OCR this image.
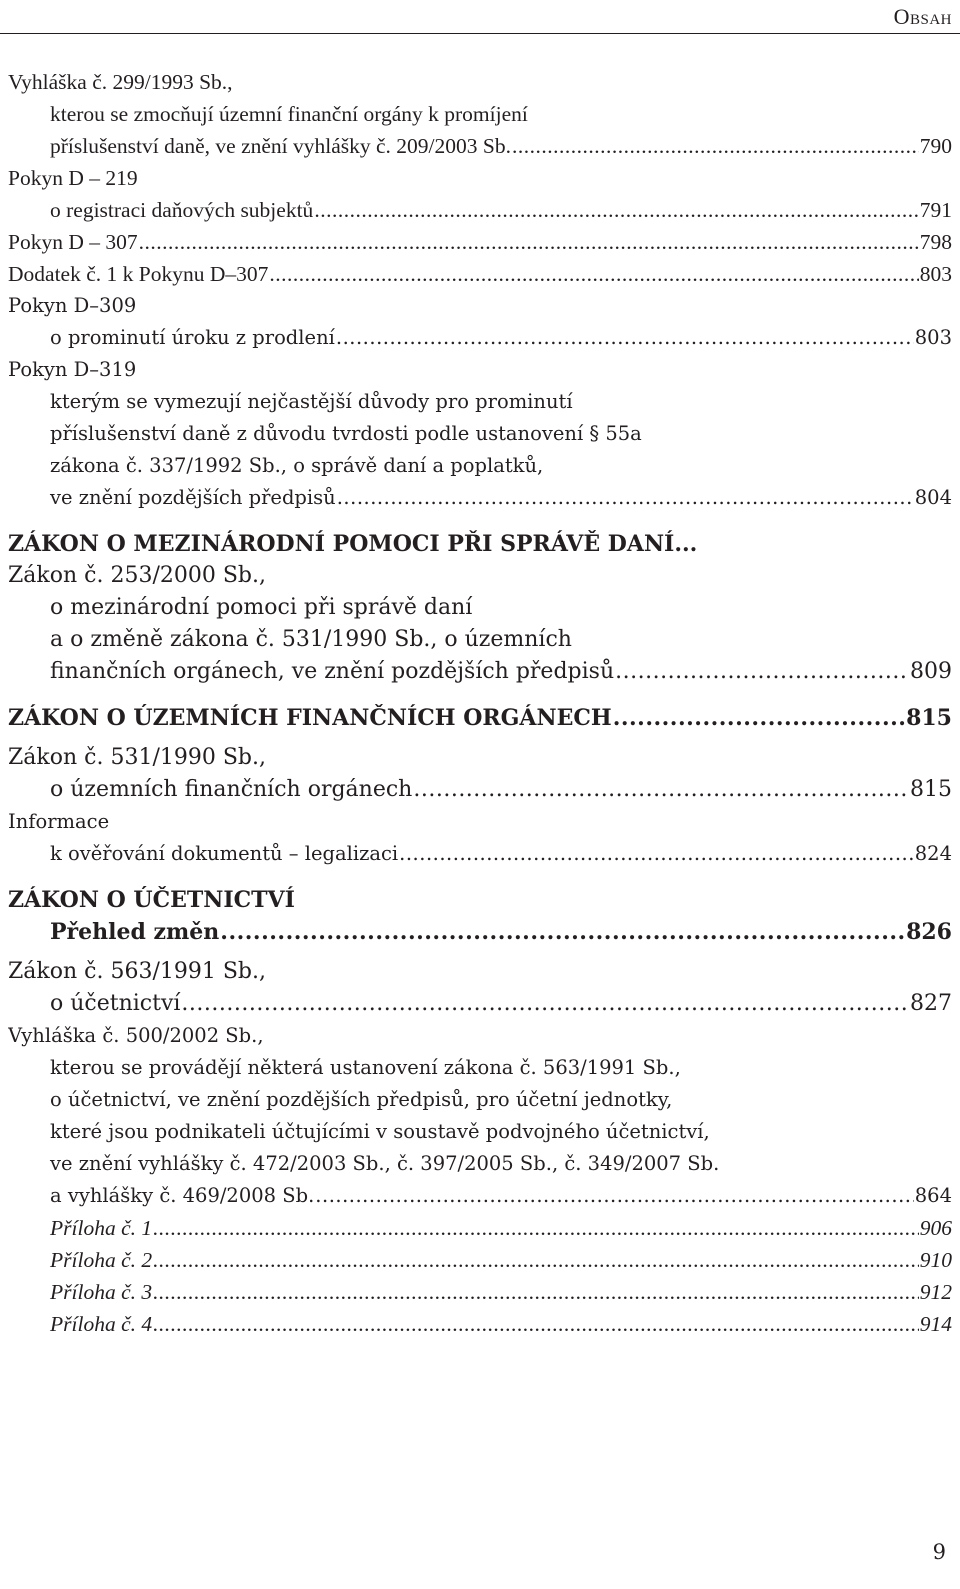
Obsah
Vyhláška č. 299/1993 Sb.,
kterou se zmocňují územní finanční orgány k promíjení
příslušenství daně, ve znění vyhlášky č. 209/2003 Sb. .....	790
Pokyn D – 219
o registraci daňových subjektů .....	791
Pokyn D – 307 .....	798
Dodatek č. 1 k Pokynu D–307 .....	803
Pokyn D–309
o prominutí úroku z prodlení .....	803
Pokyn D–319
kterým se vymezují nejčastější důvody pro prominutí
příslušenství daně z důvodu tvrdosti podle ustanovení § 55a
zákona č. 337/1992 Sb., o správě daní a poplatků,
ve znění pozdějších předpisů .....	804
ZÁKON O MEZINÁRODNÍ POMOCI PŘI SPRÁVĚ DANÍ...
Zákon č. 253/2000 Sb.,
o mezinárodní pomoci při správě daní
a o změně zákona č. 531/1990 Sb., o územních
finančních orgánech, ve znění pozdějších předpisů .....	809
ZÁKON O ÚZEMNÍCH FINANČNÍCH ORGÁNECH .....	815
Zákon č. 531/1990 Sb.,
o územních finančních orgánech .....	815
Informace
k ověřování dokumentů – legalizaci .....	824
ZÁKON O ÚČETNICTVÍ
Přehled změn .....	826
Zákon č. 563/1991 Sb.,
o účetnictví .....	827
Vyhláška č. 500/2002 Sb.,
kterou se provádějí některá ustanovení zákona č. 563/1991 Sb.,
o účetnictví, ve znění pozdějších předpisů, pro účetní jednotky,
které jsou podnikateli účtujícími v soustavě podvojného účetnictví,
ve znění vyhlášky č. 472/2003 Sb., č. 397/2005 Sb., č. 349/2007 Sb.
a vyhlášky č. 469/2008 Sb. .....	864
Příloha č. 1 .....	906
Příloha č. 2 .....	910
Příloha č. 3 .....	912
Příloha č. 4 .....	914
9
